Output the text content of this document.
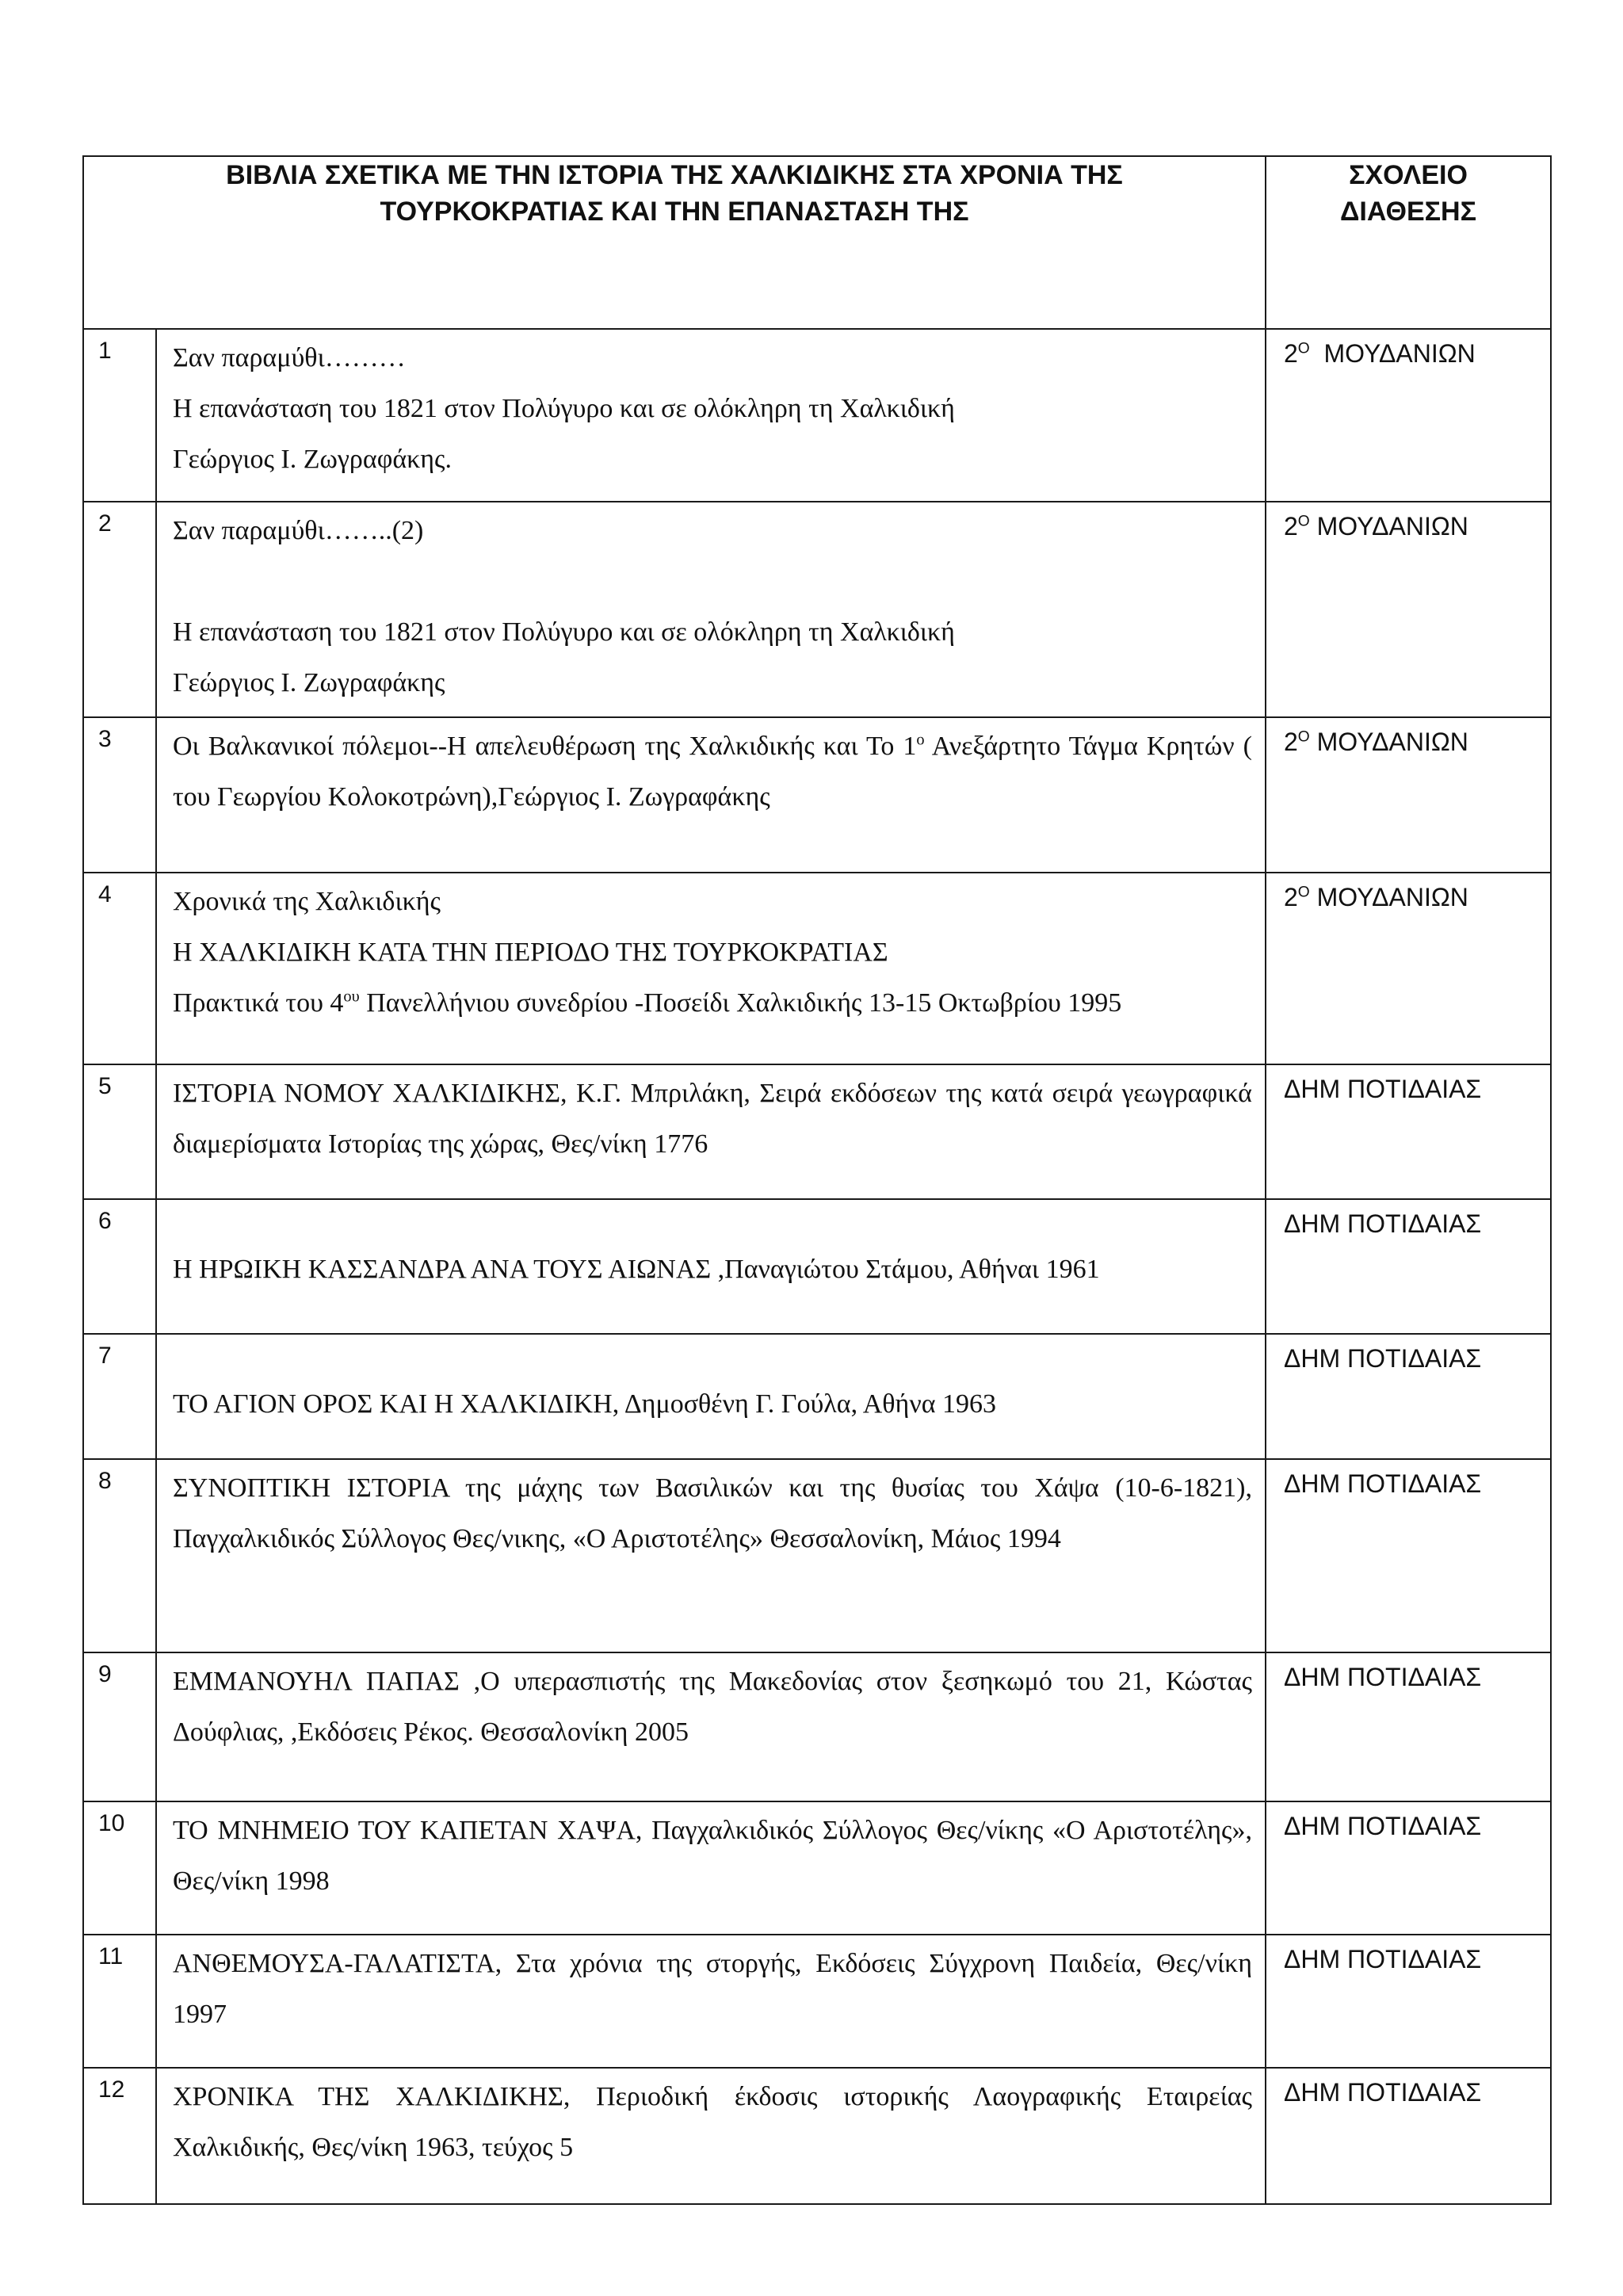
ΒΙΒΛΙΑ ΣΧΕΤΙΚΑ ΜΕ ΤΗΝ ΙΣΤΟΡΙΑ ΤΗΣ ΧΑΛΚΙΔΙΚΗΣ ΣΤΑ ΧΡΟΝΙΑ ΤΗΣ
ΤΟΥΡΚΟΚΡΑΤΙΑΣ ΚΑΙ ΤΗΝ ΕΠΑΝΑΣΤΑΣΗ ΤΗΣ		ΣΧΟΛΕΙΟ
ΔΙΑΘΕΣΗΣ

1	Σαν παραμύθι………
Η επανάσταση του 1821 στον Πολύγυρο και σε ολόκληρη τη Χαλκιδική
Γεώργιος Ι. Ζωγραφάκης.	$2^O$  ΜΟΥΔΑΝΙΩΝ

2	Σαν παραμύθι……..(2)
Η επανάσταση του 1821 στον Πολύγυρο και σε ολόκληρη τη Χαλκιδική
Γεώργιος Ι. Ζωγραφάκης	$2^O$ ΜΟΥΔΑΝΙΩΝ

3	Οι Βαλκανικοί πόλεμοι--Η απελευθέρωση της Χαλκιδικής και Το $1^o$ Ανεξάρτητο Τάγμα Κρητών ( του Γεωργίου Κολοκοτρώνη),Γεώργιος Ι. Ζωγραφάκης	$2^O$ ΜΟΥΔΑΝΙΩΝ

4	Χρονικά της Χαλκιδικής
Η ΧΑΛΚΙΔΙΚΗ ΚΑΤΑ ΤΗΝ ΠΕΡΙΟΔΟ ΤΗΣ ΤΟΥΡΚΟΚΡΑΤΙΑΣ
Πρακτικά του $4^{o\upsilon}$ Πανελλήνιου συνεδρίου -Ποσείδι Χαλκιδικής 13-15 Οκτωβρίου 1995	$2^O$ ΜΟΥΔΑΝΙΩΝ

5	ΙΣΤΟΡΙΑ ΝΟΜΟΥ ΧΑΛΚΙΔΙΚΗΣ, Κ.Γ. Μπριλάκη, Σειρά εκδόσεων της κατά σειρά γεωγραφικά διαμερίσματα Ιστορίας της χώρας, Θες/νίκη 1776	ΔΗΜ ΠΟΤΙΔΑΙΑΣ

6	Η ΗΡΩΙΚΗ ΚΑΣΣΑΝΔΡΑ ΑΝΑ ΤΟΥΣ ΑΙΩΝΑΣ ,Παναγιώτου Στάμου, Αθήναι 1961	ΔΗΜ ΠΟΤΙΔΑΙΑΣ

7	ΤΟ ΑΓΙΟΝ ΟΡΟΣ ΚΑΙ Η ΧΑΛΚΙΔΙΚΗ, Δημοσθένη Γ. Γούλα, Αθήνα 1963	ΔΗΜ ΠΟΤΙΔΑΙΑΣ

8	ΣΥΝΟΠΤΙΚΗ ΙΣΤΟΡΙΑ της μάχης των Βασιλικών και της θυσίας του Χάψα (10-6-1821), Παγχαλκιδικός Σύλλογος Θες/νικης, «Ο Αριστοτέλης» Θεσσαλονίκη, Μάιος 1994	ΔΗΜ ΠΟΤΙΔΑΙΑΣ

9	ΕΜΜΑΝΟΥΗΛ ΠΑΠΑΣ ,Ο υπερασπιστής της Μακεδονίας στον ξεσηκωμό του 21, Κώστας Δούφλιας, ,Εκδόσεις Ρέκος. Θεσσαλονίκη 2005	ΔΗΜ ΠΟΤΙΔΑΙΑΣ

10	ΤΟ ΜΝΗΜΕΙΟ ΤΟΥ ΚΑΠΕΤΑΝ ΧΑΨΑ, Παγχαλκιδικός Σύλλογος Θες/νίκης «Ο Αριστοτέλης», Θες/νίκη 1998	ΔΗΜ ΠΟΤΙΔΑΙΑΣ

11	ΑΝΘΕΜΟΥΣΑ-ΓΑΛΑΤΙΣΤΑ, Στα χρόνια της στοργής, Εκδόσεις Σύγχρονη Παιδεία, Θες/νίκη 1997	ΔΗΜ ΠΟΤΙΔΑΙΑΣ

12	ΧΡΟΝΙΚΑ ΤΗΣ ΧΑΛΚΙΔΙΚΗΣ, Περιοδική έκδοσις ιστορικής Λαογραφικής Εταιρείας Χαλκιδικής, Θες/νίκη 1963, τεύχος 5	ΔΗΜ ΠΟΤΙΔΑΙΑΣ
